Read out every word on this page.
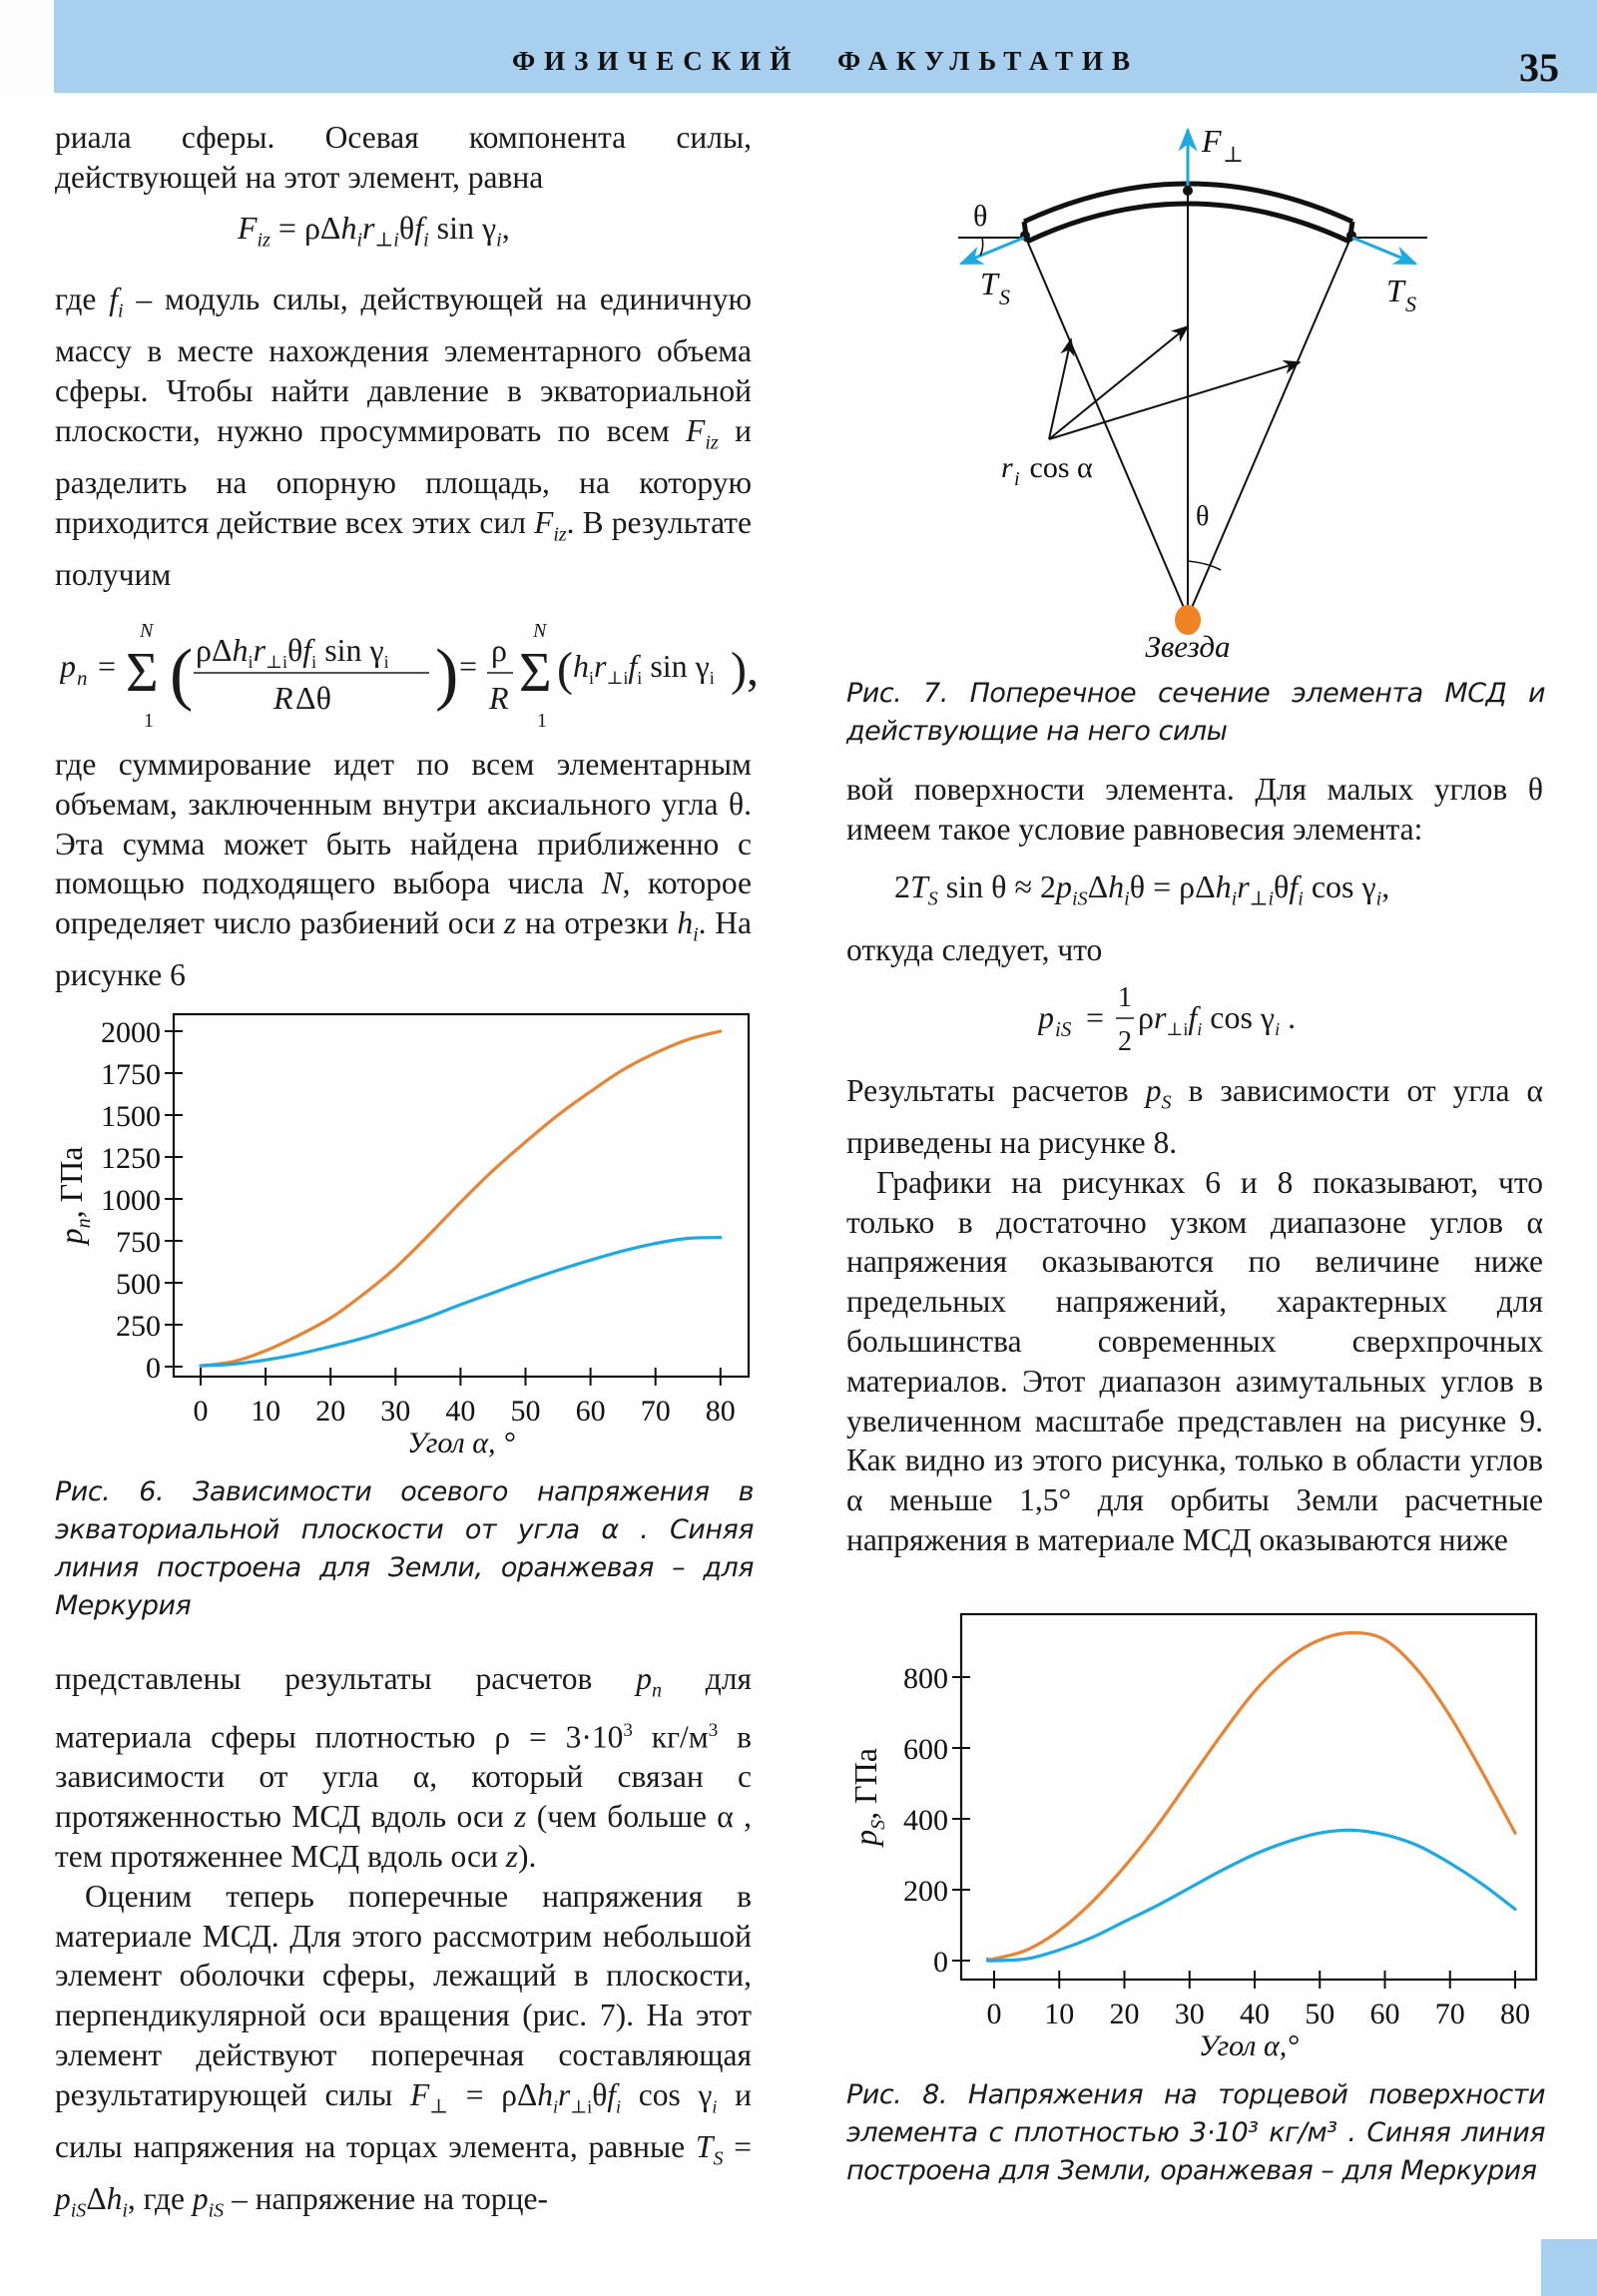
ФИЗИЧЕСКИЙ ФАКУЛЬТАТИВ	35

риала сферы. Осевая компонента силы, действующей на этот элемент, равна

$F_{iz} = \rho\Delta h_ir_{\perp i}\theta f_i$ $\sin \gamma_i$,

где $f_i$ – модуль силы, действующей на единичную массу в месте нахождения элементарного объема сферы. Чтобы найти давление в экваториальной плоскости, нужно просуммировать по всем $F_{iz}$ и разделить на опорную площадь, на которую приходится действие всех этих сил $F_{iz}$. В результате получим

p n = Σ
N
1
( $\rho\Delta h_ir_{\perp i}\theta f_i$ $\sin \gamma_i$
R Δθ ) = ρ
R Σ
N
1
( $h_ir_{\perp i}f_i$ $\sin \gamma_i$ ),

где суммирование идет по всем элементарным объемам, заключенным внутри аксиального угла θ. Эта сумма может быть найдена приближенно с помощью подходящего выбора числа N, которое определяет число разбиений оси z на отрезки $h_i$. На рисунке 6

0 10 20 30 40 50 60 70 80
0
250
500
750
1000
1250
1500
1750
2000
Угол α, °
$p_n$, ГПа
Рис. 6. Зависимости осевого напряжения в экваториальной плоскости от угла α . Синяя линия построена для Земли, оранжевая – для Меркурия

представлены результаты расчетов $p_n$ для материала сферы плотностью $\rho = 3\cdot 10^3$ $кг/м^3$ в зависимости от угла α, который связан с протяженностью МСД вдоль оси z (чем больше α , тем протяженнее МСД вдоль оси z).

Оценим теперь поперечные напряжения в материале МСД. Для этого рассмотрим небольшой элемент оболочки сферы, лежащий в плоскости, перпендикулярной оси вращения (рис. 7). На этот элемент действуют поперечная составляющая результатирующей силы $F_\perp = \rho\Delta h_ir_{\perp i}\theta f_i$ $\cos \gamma_i$ и силы напряжения на торцах элемента, равные $T_S = p_{iS}\Delta h_i$, где $p_{iS}$ – напряжение на торце-

F ⊥
θ
T S	T S
r i cos α
θ
Звезда
Рис. 7. Поперечное сечение элемента МСД и действующие на него силы

вой поверхности элемента. Для малых углов θ имеем такое условие равновесия элемента:

$2T_S$ $\sin \theta \approx 2p_{iS}\Delta h_i\theta = \rho\Delta h_ir_{\perp i}\theta f_i$ $\cos \gamma_i$,

откуда следует, что

p iS =
1
2
$\rho r_{\perp i}f_i$ $\cos \gamma_i$ .

Результаты расчетов $p_S$ в зависимости от угла α приведены на рисунке 8.

Графики на рисунках 6 и 8 показывают, что только в достаточно узком диапазоне углов α напряжения оказываются по величине ниже предельных напряжений, характерных для большинства современных сверхпрочных материалов. Этот диапазон азимутальных углов в увеличенном масштабе представлен на рисунке 9. Как видно из этого рисунка, только в области углов α меньше 1,5° для орбиты Земли расчетные напряжения в материале МСД оказываются ниже

0 10 20 30 40 50 60 70 80
0
200
400
600
800
Угол α,°
$p_S$, ГПа
Рис. 8. Напряжения на торцевой поверхности элемента с плотностью 3·10³ кг/м³ . Синяя линия построена для Земли, оранжевая – для Меркурия
